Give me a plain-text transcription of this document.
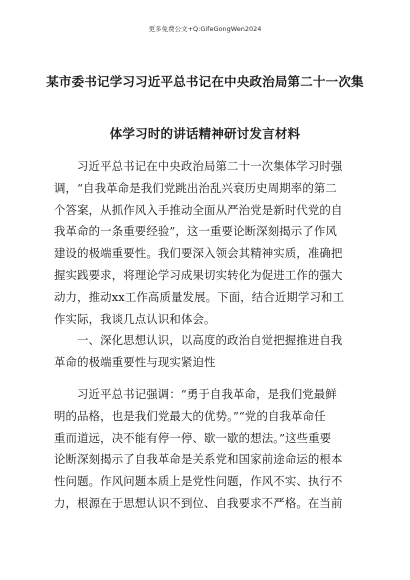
更多免费公文+Q:GifeGongWen2024
某市委书记学习习近平总书记在中央政治局第二十一次集
体学习时的讲话精神研讨发言材料
习近平总书记在中央政治局第二十一次集体学习时强
调，“自我革命是我们党跳出治乱兴衰历史周期率的第二
个答案，从抓作风入手推动全面从严治党是新时代党的自
我革命的一条重要经验”，这一重要论断深刻揭示了作风
建设的极端重要性。我们要深入领会其精神实质，准确把
握实践要求，将理论学习成果切实转化为促进工作的强大
动力，推动xx工作高质量发展。下面，结合近期学习和工
作实际，我谈几点认识和体会。
一、深化思想认识，以高度的政治自觉把握推进自我
革命的极端重要性与现实紧迫性
习近平总书记强调：“勇于自我革命，是我们党最鲜
明的品格，也是我们党最大的优势。”“党的自我革命任
重而道远，决不能有停一停、歇一歇的想法。”这些重要
论断深刻揭示了自我革命是关系党和国家前途命运的根本
性问题。作风问题本质上是党性问题，作风不实、执行不
力，根源在于思想认识不到位、自我要求不严格。在当前
